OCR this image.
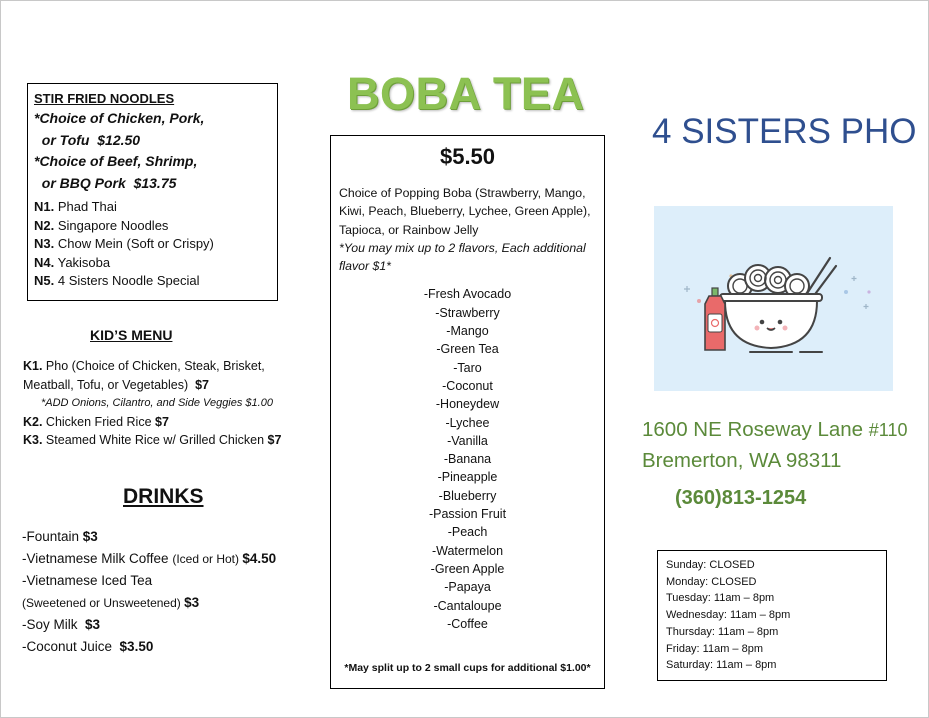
STIR FRIED NOODLES
*Choice of Chicken, Pork,
or Tofu  $12.50
*Choice of Beef, Shrimp,
or BBQ Pork  $13.75
N1. Phad Thai
N2. Singapore Noodles
N3. Chow Mein (Soft or Crispy)
N4. Yakisoba
N5. 4 Sisters Noodle Special
KID’S MENU
K1. Pho (Choice of Chicken, Steak, Brisket,
Meatball, Tofu, or Vegetables)  $7
*ADD Onions, Cilantro, and Side Veggies $1.00
K2. Chicken Fried Rice $7
K3. Steamed White Rice w/ Grilled Chicken $7
DRINKS
-Fountain $3
-Vietnamese Milk Coffee (Iced or Hot) $4.50
-Vietnamese Iced Tea
(Sweetened or Unsweetened) $3
-Soy Milk  $3
-Coconut Juice  $3.50
BOBA TEA
$5.50
Choice of Popping Boba (Strawberry, Mango, Kiwi, Peach, Blueberry, Lychee, Green Apple), Tapioca, or Rainbow Jelly
*You may mix up to 2 flavors, Each additional flavor $1*
-Fresh Avocado
-Strawberry
-Mango
-Green Tea
-Taro
-Coconut
-Honeydew
-Lychee
-Vanilla
-Banana
-Pineapple
-Blueberry
-Passion Fruit
-Peach
-Watermelon
-Green Apple
-Papaya
-Cantaloupe
-Coffee
*May split up to 2 small cups for additional $1.00*
4 SISTERS PHO
1600 NE Roseway Lane #110
Bremerton, WA 98311
(360)813-1254
Sunday: CLOSED
Monday: CLOSED
Tuesday: 11am – 8pm
Wednesday: 11am – 8pm
Thursday: 11am – 8pm
Friday: 11am – 8pm
Saturday: 11am – 8pm
